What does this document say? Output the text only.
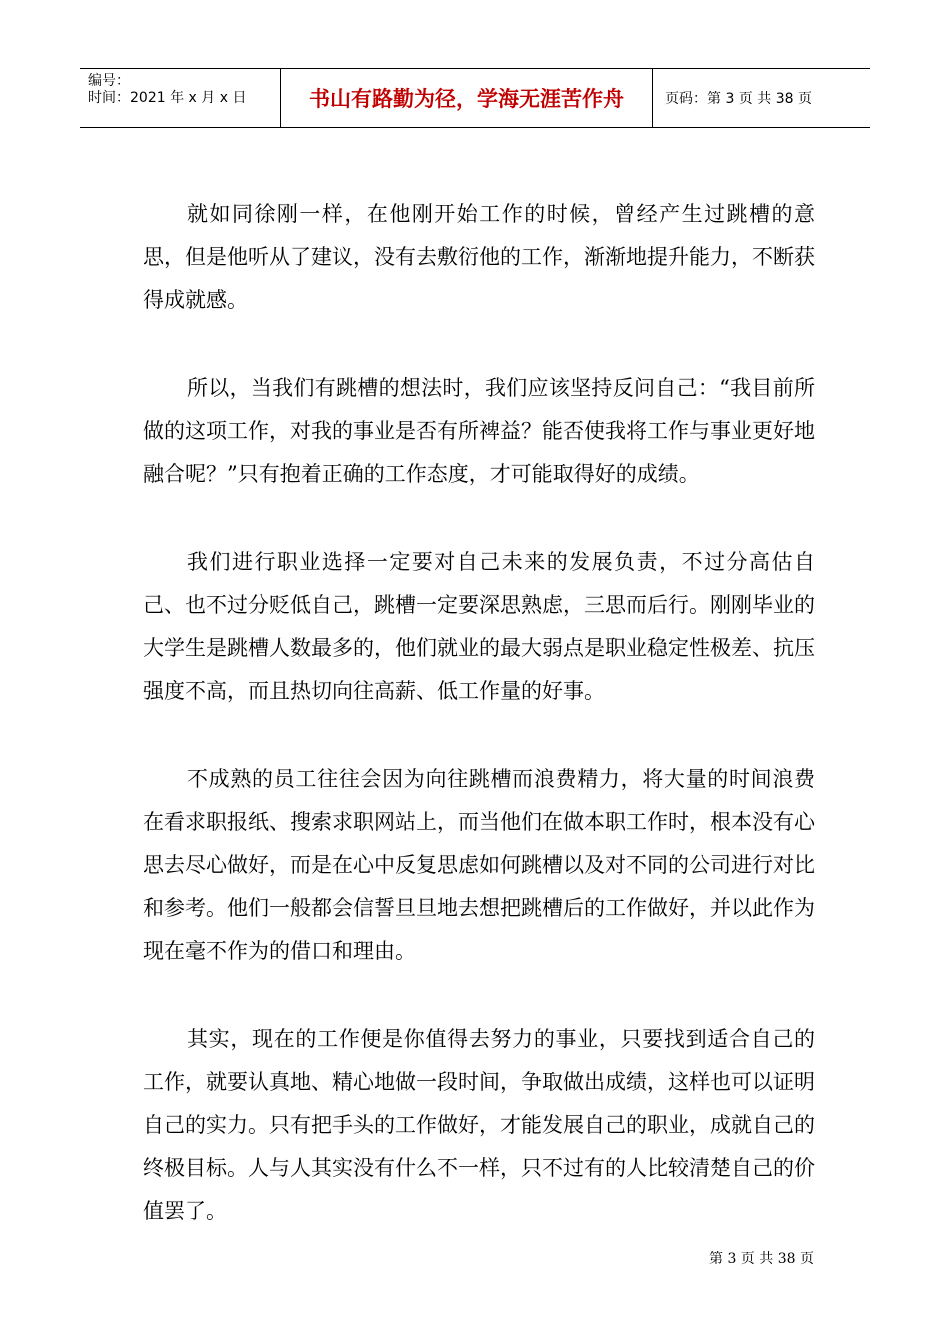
编号：
时间：2021 年 x 月 x 日	书山有路勤为径，学海无涯苦作舟	页码：第 3 页 共 38 页

就如同徐刚一样，在他刚开始工作的时候，曾经产生过跳槽的意思，但是他听从了建议，没有去敷衍他的工作，渐渐地提升能力，不断获得成就感。

所以，当我们有跳槽的想法时，我们应该坚持反问自己：“我目前所做的这项工作，对我的事业是否有所裨益？能否使我将工作与事业更好地融合呢？”只有抱着正确的工作态度，才可能取得好的成绩。

我们进行职业选择一定要对自己未来的发展负责，不过分高估自己、也不过分贬低自己，跳槽一定要深思熟虑，三思而后行。刚刚毕业的大学生是跳槽人数最多的，他们就业的最大弱点是职业稳定性极差、抗压强度不高，而且热切向往高薪、低工作量的好事。

不成熟的员工往往会因为向往跳槽而浪费精力，将大量的时间浪费在看求职报纸、搜索求职网站上，而当他们在做本职工作时，根本没有心思去尽心做好，而是在心中反复思虑如何跳槽以及对不同的公司进行对比和参考。他们一般都会信誓旦旦地去想把跳槽后的工作做好，并以此作为现在毫不作为的借口和理由。

其实，现在的工作便是你值得去努力的事业，只要找到适合自己的工作，就要认真地、精心地做一段时间，争取做出成绩，这样也可以证明自己的实力。只有把手头的工作做好，才能发展自己的职业，成就自己的终极目标。人与人其实没有什么不一样，只不过有的人比较清楚自己的价值罢了。

第 3 页 共 38 页
